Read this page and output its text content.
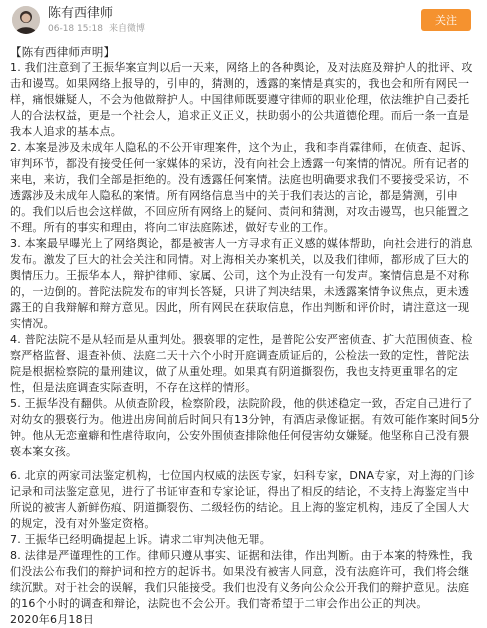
陈有西律师
06-18 15:18 来自微博
关注

【陈有西律师声明】

1. 我们注意到了王振华案宣判以后一天来，网络上的各种舆论，及对法庭及辩护人的批评、攻击和谩骂。如果网络上报导的，引申的，猜测的，透露的案情是真实的，我也会和所有网民一样，痛恨嫌疑人，不会为他做辩护人。中国律师既要遵守律师的职业伦理，依法维护自己委托人的合法权益，更是一个社会人，追求正义正义，扶助弱小的公共道德伦理。而后一条一直是我本人追求的基本点。

2. 本案是涉及未成年人隐私的不公开审理案件，这个为止，我和李肖霖律师，在侦查、起诉、审判环节，都没有接受任何一家媒体的采访，没有向社会上透露一句案情的情况。所有记者的来电，来访，我们全部是拒绝的。没有透露任何案情。法庭也明确要求我们不要接受采访，不透露涉及未成年人隐私的案情。所有网络信息当中的关于我们表达的言论，都是猜测，引申的。我们以后也会这样做，不回应所有网络上的疑问、责问和猜测，对攻击谩骂，也只能置之不理。所有的事实和理由，将向二审法庭陈述，做好专业的工作。

3. 本案最早曝光上了网络舆论，都是被害人一方寻求有正义感的媒体帮助，向社会进行的消息发布。激发了巨大的社会关注和同情。对上海相关办案机关，以及我们律师，都形成了巨大的舆情压力。王振华本人，辩护律师、家属、公司，这个为止没有一句发声。案情信息是不对称的，一边倒的。普陀法院发布的审判长答疑，只讲了判决结果，未透露案情争议焦点，更未透露王的自我辩解和辩方意见。因此，所有网民在获取信息，作出判断和评价时，请注意这一现实情况。

4. 普陀法院不是从轻而是从重判处。猥亵罪的定性，是普陀公安严密侦查、扩大范围侦查、检察严格监督、退查补侦、法庭二天十六个小时开庭调查质证后的，公检法一致的定性，普陀法院是根据检察院的量刑建议，做了从重处理。如果真有阴道撕裂伤，我也支持更重罪名的定性，但是法庭调查实际查明，不存在这样的情形。

5. 王振华没有翻供。从侦查阶段，检察阶段，法院阶段，他的供述稳定一致，否定自己进行了对幼女的猥亵行为。他进出房间前后时间只有13分钟，有酒店录像证据。有效可能作案时间5分钟。他从无恋童癖和性虐待取向，公安外围侦查排除他任何侵害幼女嫌疑。他坚称自己没有猥亵本案女孩。

6. 北京的两家司法鉴定机构，七位国内权威的法医专家，妇科专家，DNA专家，对上海的门诊记录和司法鉴定意见，进行了书证审查和专家论证，得出了相反的结论，不支持上海鉴定当中所说的被害人新鲜伤痕、阴道撕裂伤、二级轻伤的结论。且上海的鉴定机构，违反了全国人大的规定，没有对外鉴定资格。

7. 王振华已经明确提起上诉。请求二审判决他无罪。

8. 法律是严谨理性的工作。律师只遵从事实、证据和法律，作出判断。由于本案的特殊性，我们没法公布我们的辩护词和控方的起诉书。如果没有被害人同意，没有法庭许可，我们将会继续沉默。对于社会的误解，我们只能接受。我们也没有义务向公众公开我们的辩护意见。法庭的16个小时的调查和辩论，法院也不会公开。我们寄希望于二审会作出公正的判决。

2020年6月18日
